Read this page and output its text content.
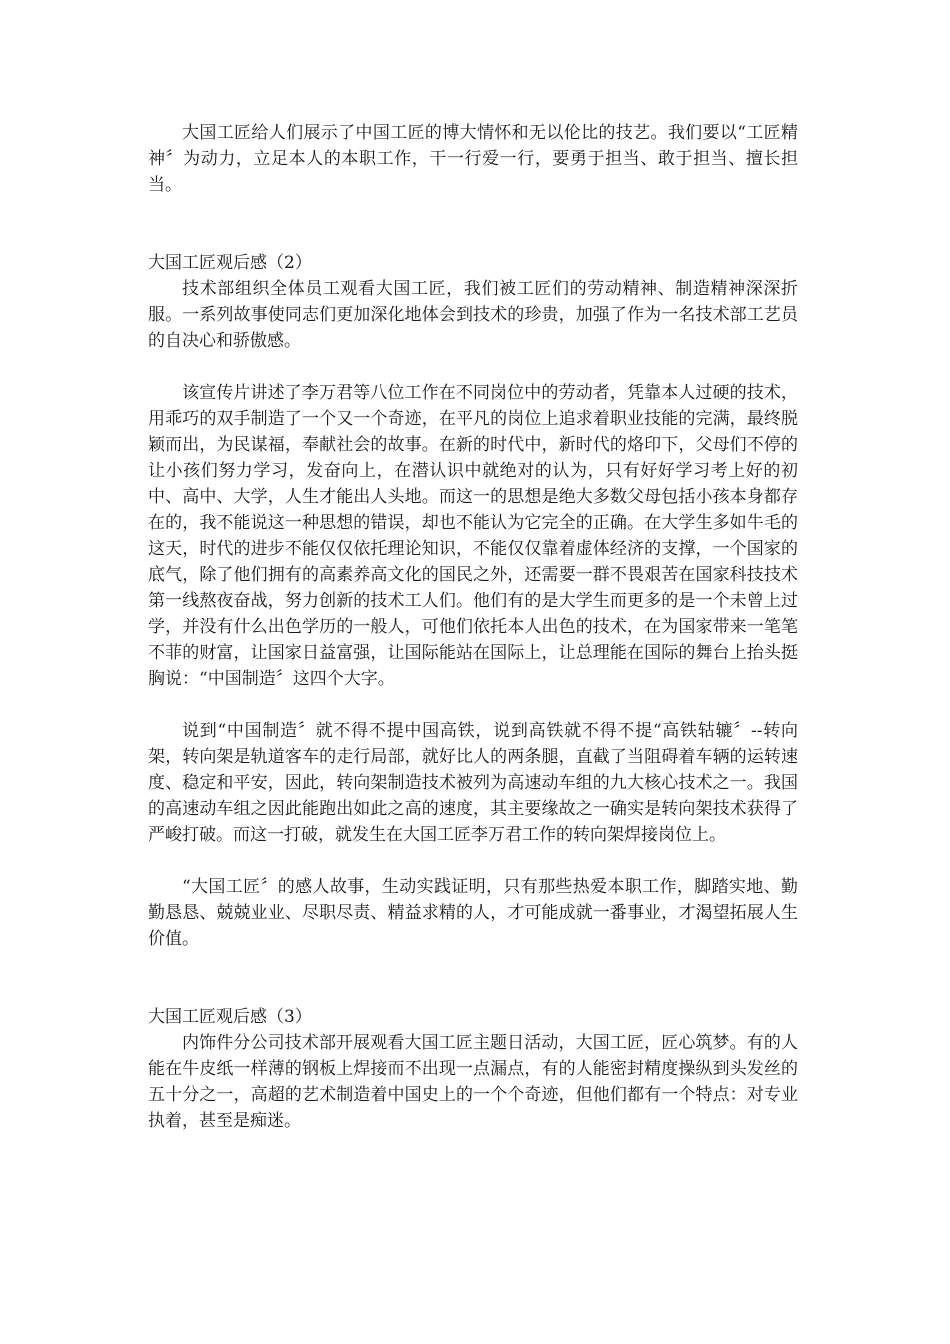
大国工匠给人们展示了中国工匠的博大情怀和无以伦比的技艺。我们要以“工匠精神〞为动力，立足本人的本职工作，干一行爱一行，要勇于担当、敢于担当、擅长担当。

大国工匠观后感（2）

技术部组织全体员工观看大国工匠，我们被工匠们的劳动精神、制造精神深深折服。一系列故事使同志们更加深化地体会到技术的珍贵，加强了作为一名技术部工艺员的自决心和骄傲感。

该宣传片讲述了李万君等八位工作在不同岗位中的劳动者，凭靠本人过硬的技术，用乖巧的双手制造了一个又一个奇迹，在平凡的岗位上追求着职业技能的完满，最终脱颖而出，为民谋福，奉献社会的故事。在新的时代中，新时代的烙印下，父母们不停的让小孩们努力学习，发奋向上，在潜认识中就绝对的认为，只有好好学习考上好的初中、高中、大学，人生才能出人头地。而这一的思想是绝大多数父母包括小孩本身都存在的，我不能说这一种思想的错误，却也不能认为它完全的正确。在大学生多如牛毛的这天，时代的进步不能仅仅依托理论知识，不能仅仅靠着虚体经济的支撑，一个国家的底气，除了他们拥有的高素养高文化的国民之外，还需要一群不畏艰苦在国家科技技术第一线熬夜奋战，努力创新的技术工人们。他们有的是大学生而更多的是一个未曾上过学，并没有什么出色学历的一般人，可他们依托本人出色的技术，在为国家带来一笔笔不菲的财富，让国家日益富强，让国际能站在国际上，让总理能在国际的舞台上抬头挺胸说：“中国制造〞这四个大字。

说到“中国制造〞就不得不提中国高铁，说到高铁就不得不提“高铁轱辘〞--转向架，转向架是轨道客车的走行局部，就好比人的两条腿，直截了当阻碍着车辆的运转速度、稳定和平安，因此，转向架制造技术被列为高速动车组的九大核心技术之一。我国的高速动车组之因此能跑出如此之高的速度，其主要缘故之一确实是转向架技术获得了严峻打破。而这一打破，就发生在大国工匠李万君工作的转向架焊接岗位上。

“大国工匠〞的感人故事，生动实践证明，只有那些热爱本职工作，脚踏实地、勤勤恳恳、兢兢业业、尽职尽责、精益求精的人，才可能成就一番事业，才渴望拓展人生价值。

大国工匠观后感（3）

内饰件分公司技术部开展观看大国工匠主题日活动，大国工匠，匠心筑梦。有的人能在牛皮纸一样薄的钢板上焊接而不出现一点漏点，有的人能密封精度操纵到头发丝的五十分之一，高超的艺术制造着中国史上的一个个奇迹，但他们都有一个特点：对专业执着，甚至是痴迷。
